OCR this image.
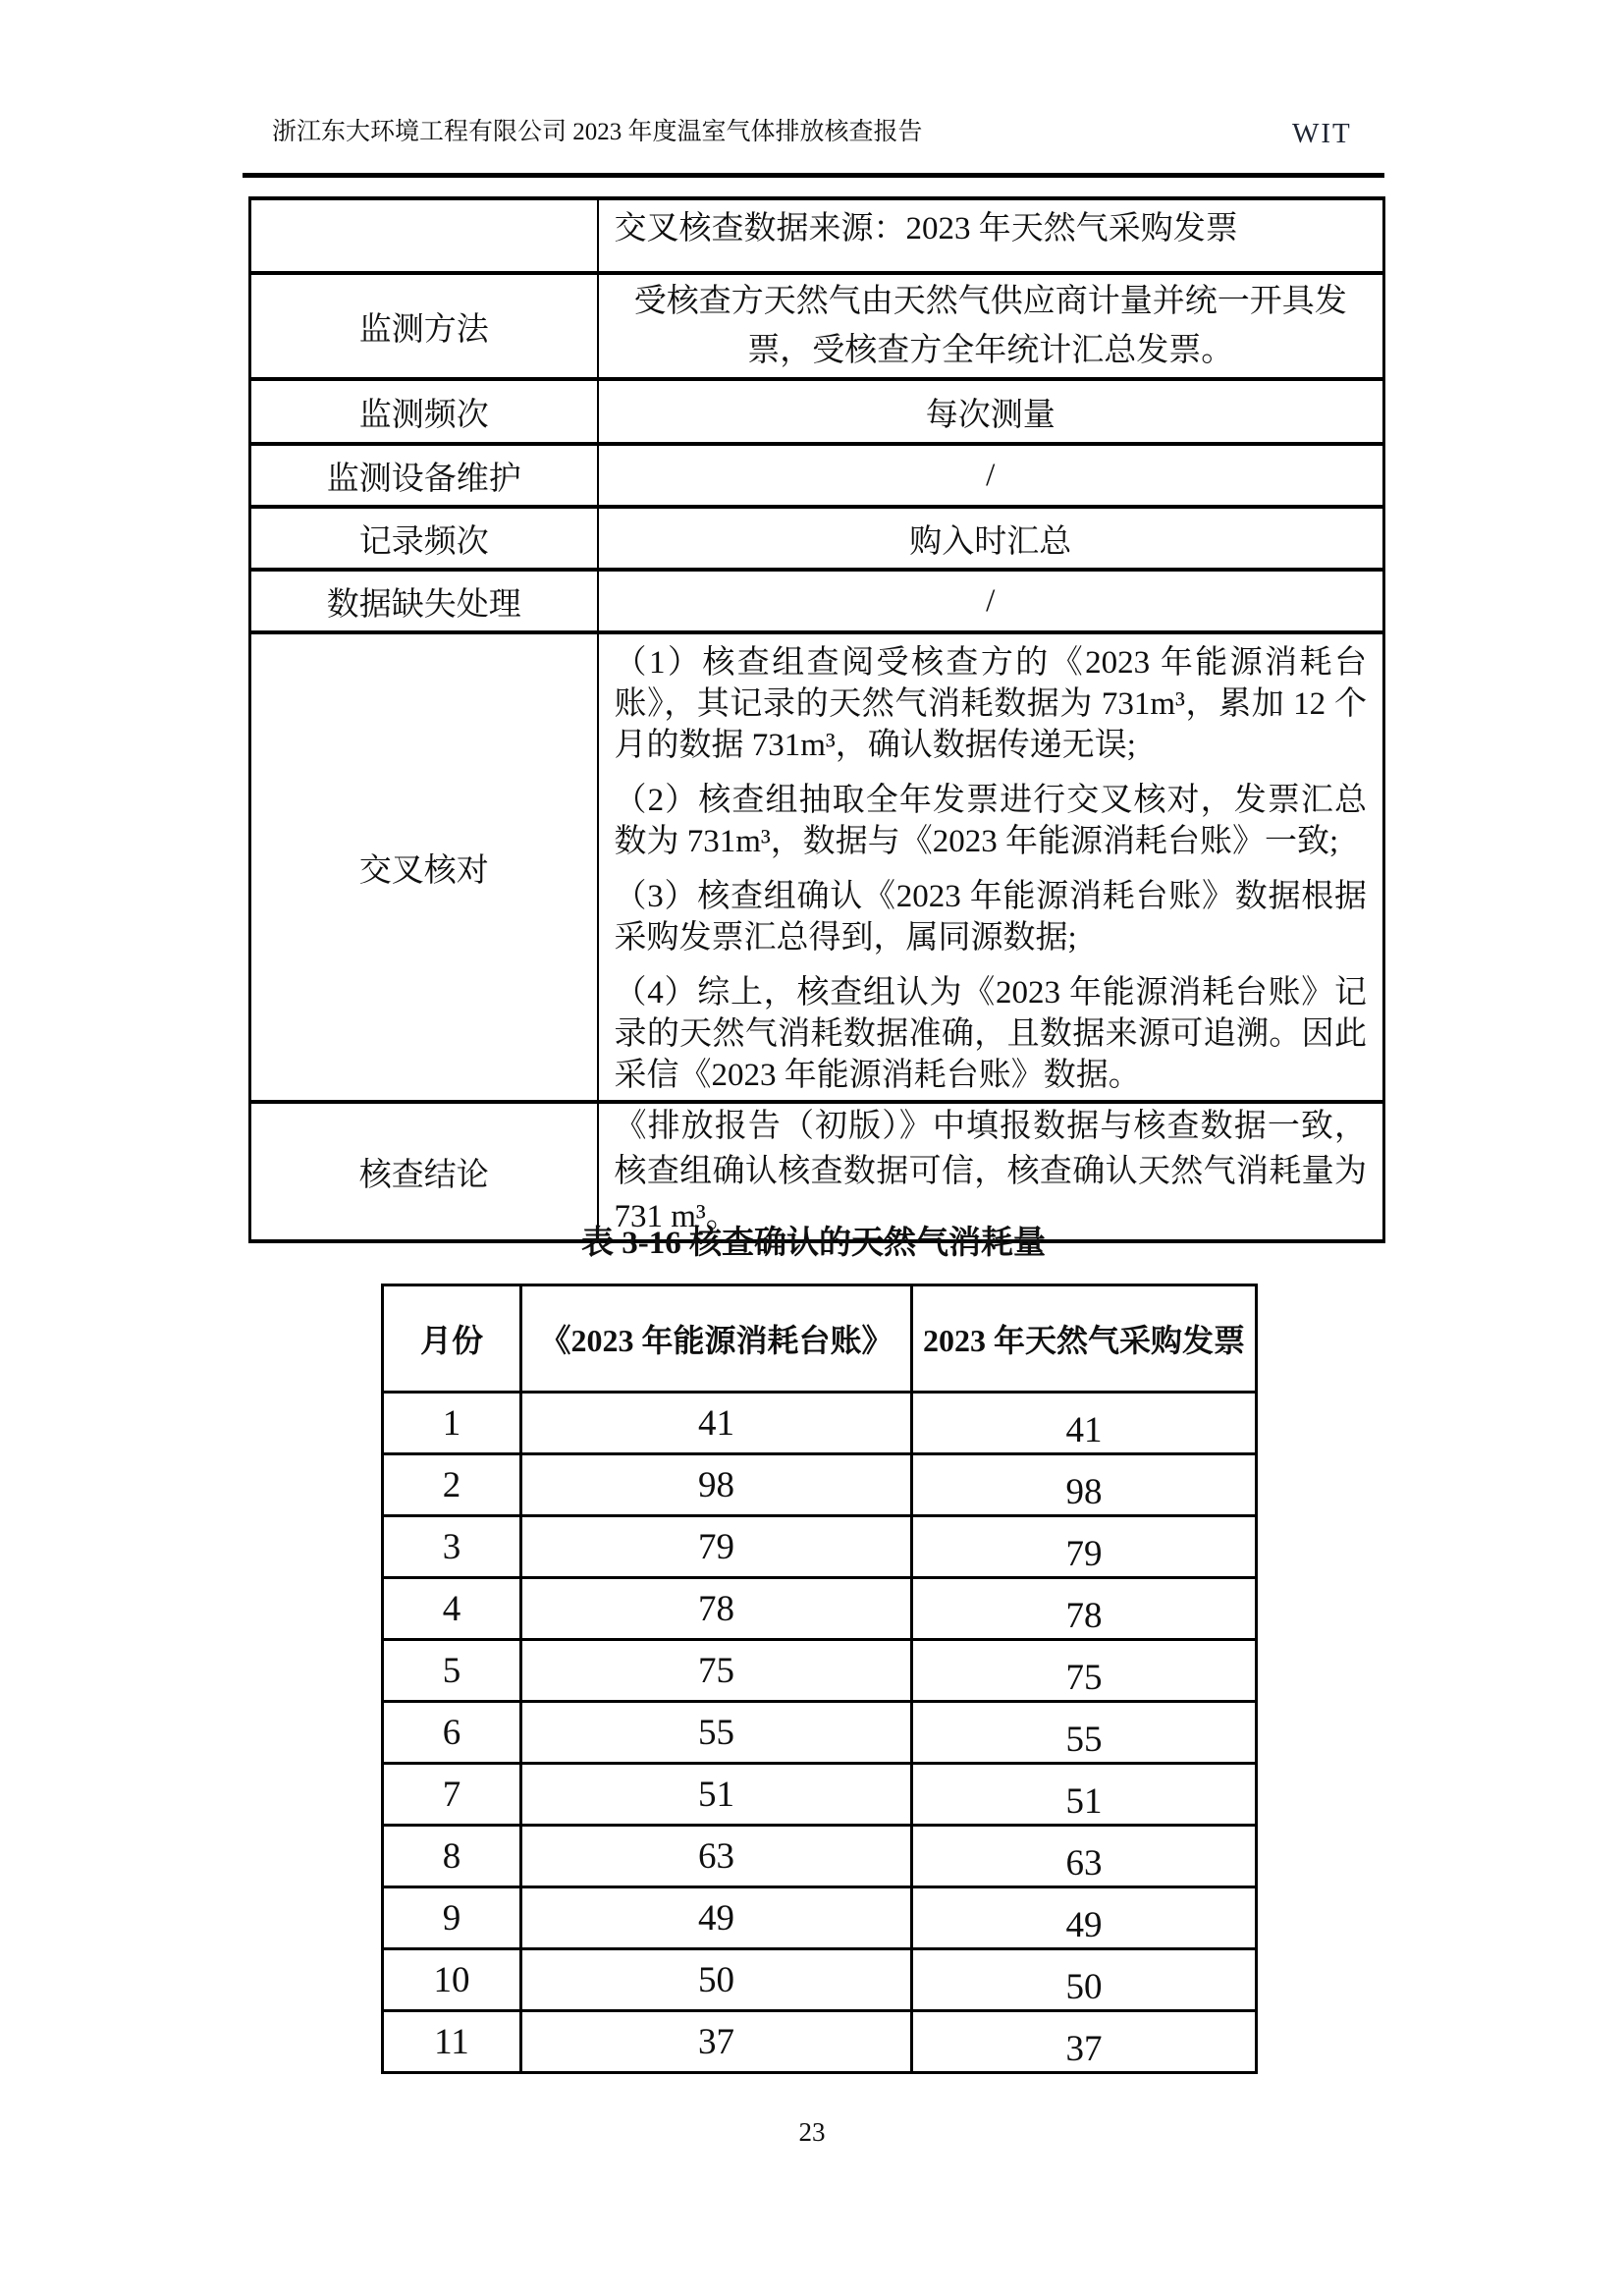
浙江东大环境工程有限公司 2023 年度温室气体排放核查报告	WIT
	交叉核查数据来源：2023 年天然气采购发票
监测方法	受核查方天然气由天然气供应商计量并统一开具发票，受核查方全年统计汇总发票。
监测频次	每次测量
监测设备维护	/
记录频次	购入时汇总
数据缺失处理	/
交叉核对	（1）核查组查阅受核查方的《2023 年能源消耗台账》，其记录的天然气消耗数据为 731m³，累加 12 个月的数据 731m³，确认数据传递无误;

（2）核查组抽取全年发票进行交叉核对，发票汇总数为 731m³，数据与《2023 年能源消耗台账》一致;

（3）核查组确认《2023 年能源消耗台账》数据根据采购发票汇总得到，属同源数据;

（4）综上，核查组认为《2023 年能源消耗台账》记录的天然气消耗数据准确，且数据来源可追溯。因此采信《2023 年能源消耗台账》数据。

核查结论	《排放报告（初版）》中填报数据与核查数据一致，核查组确认核查数据可信，核查确认天然气消耗量为 731 m³。
表 3-16 核查确认的天然气消耗量
月份	《2023 年能源消耗台账》	2023 年天然气采购发票
1	41	41
2	98	98
3	79	79
4	78	78
5	75	75
6	55	55
7	51	51
8	63	63
9	49	49
10	50	50
11	37	37
23
